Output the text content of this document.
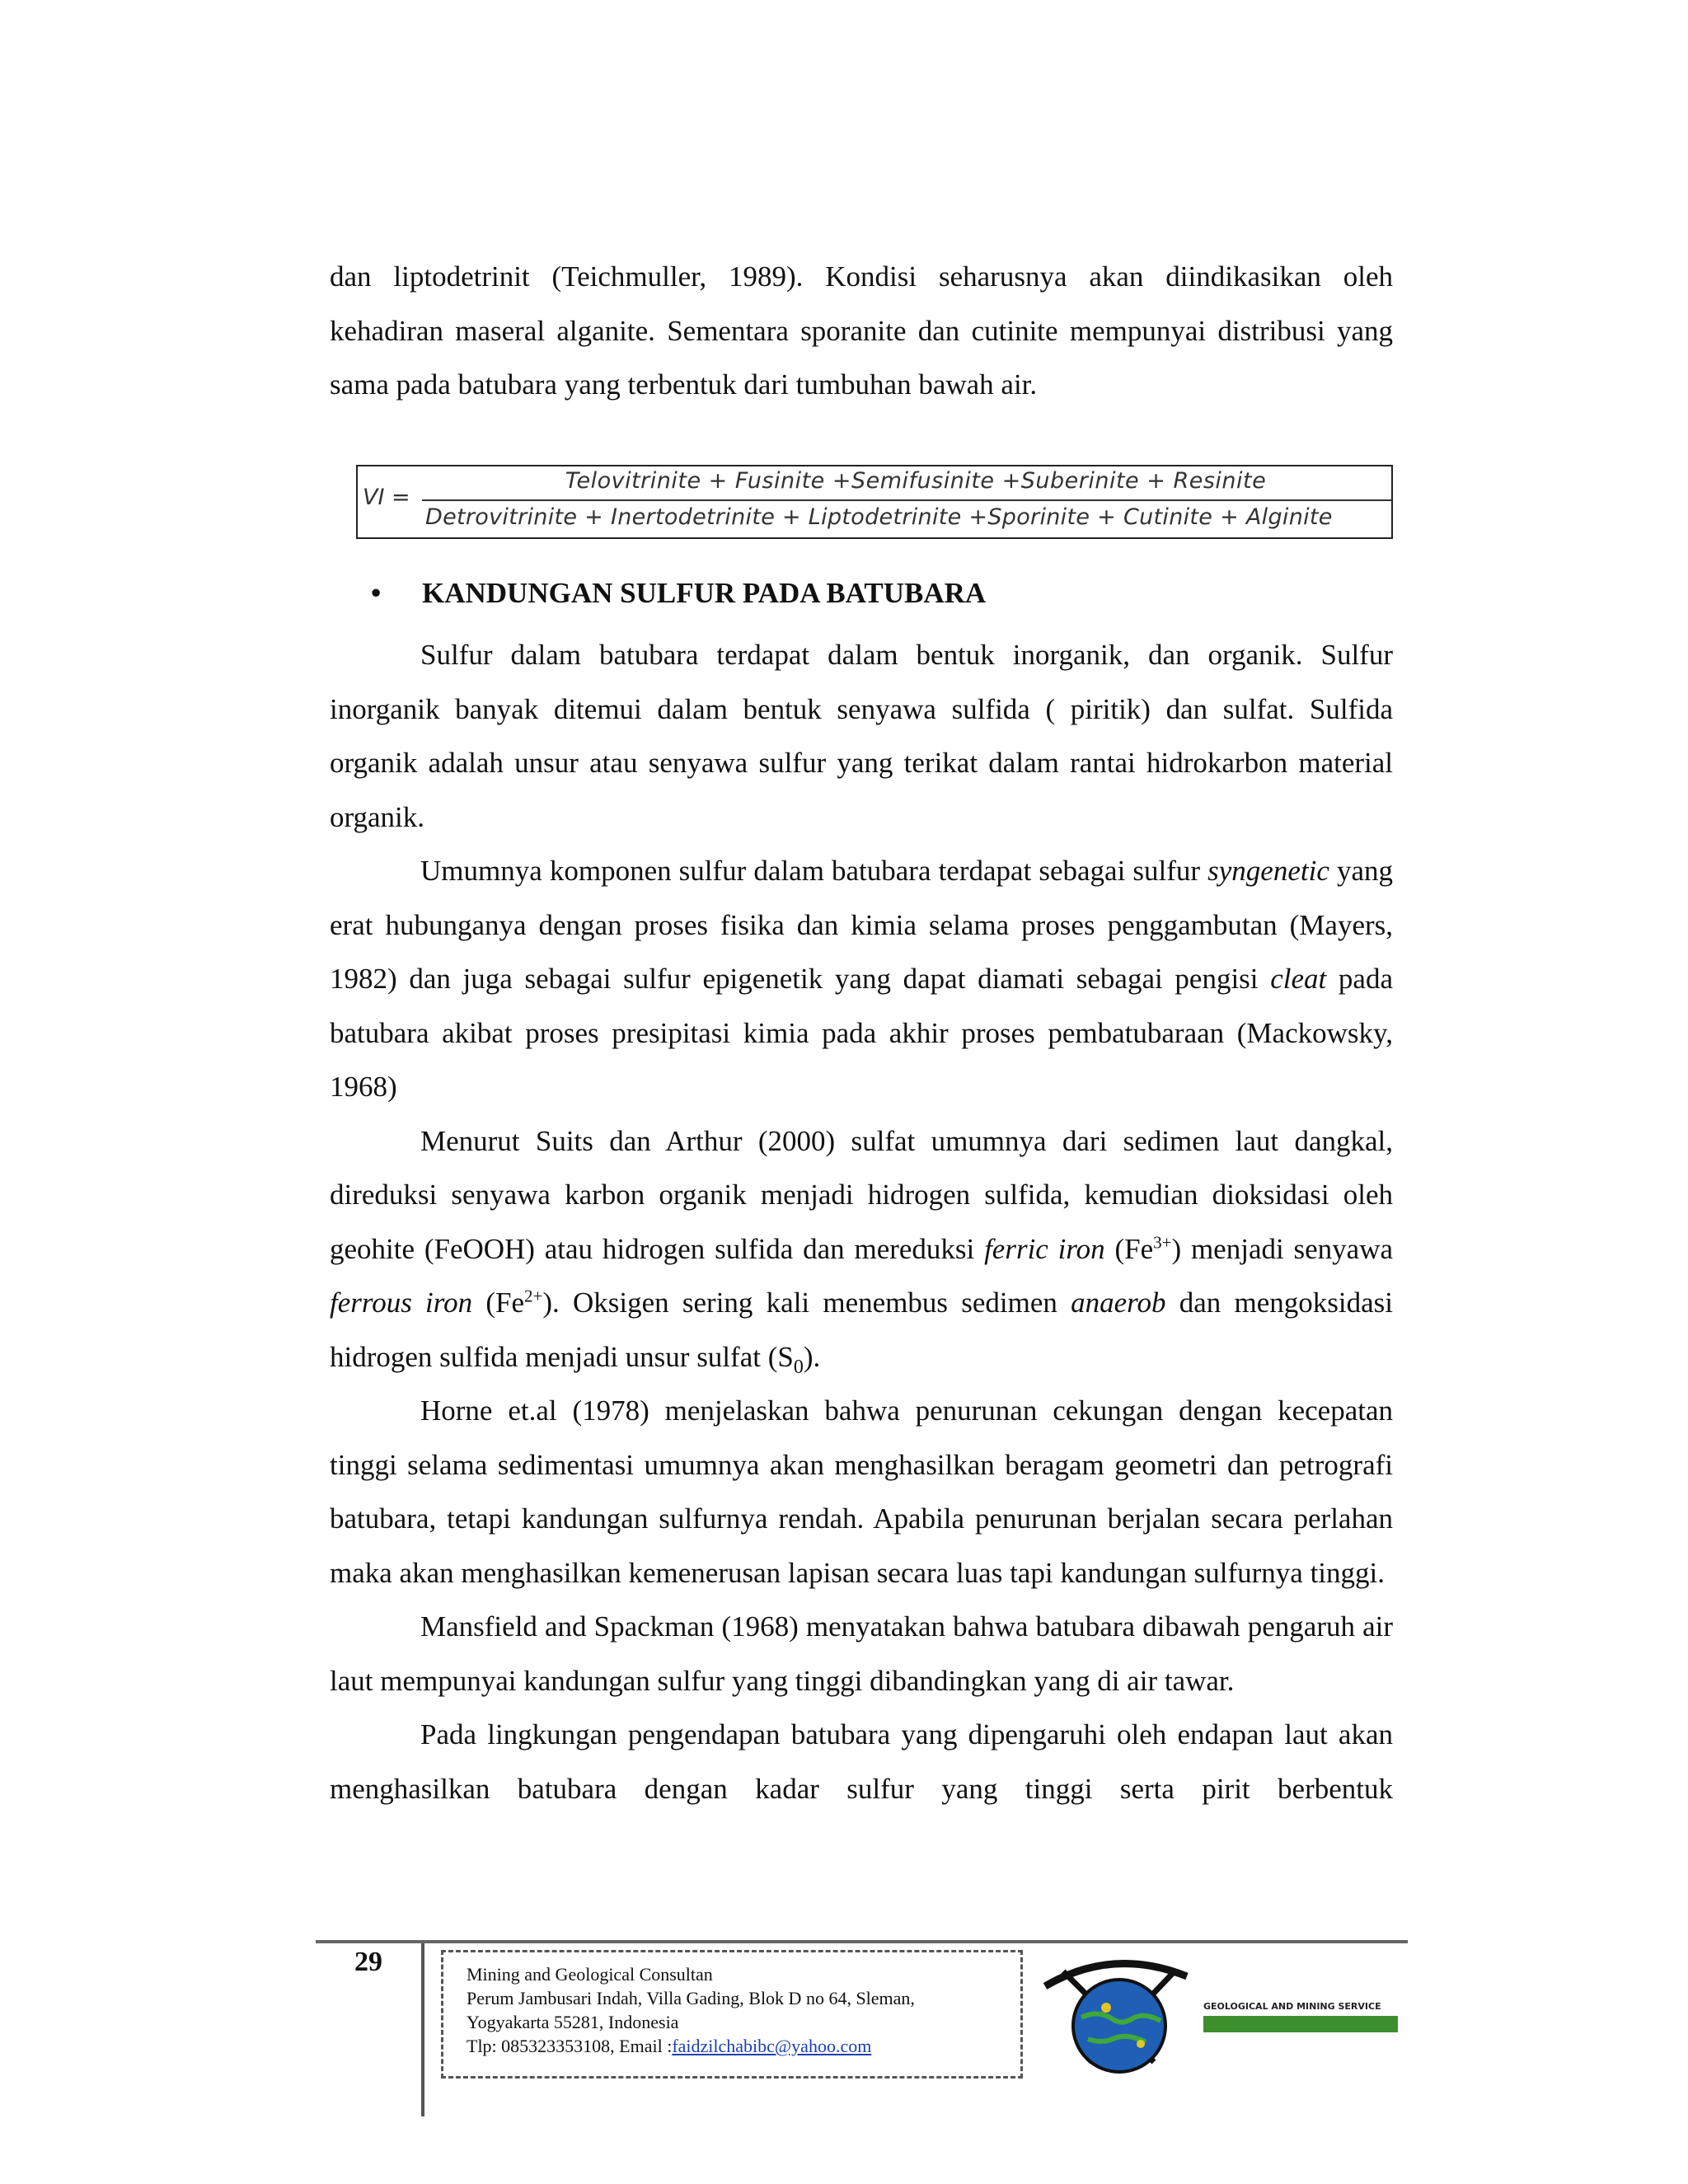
dan liptodetrinit (Teichmuller, 1989). Kondisi seharusnya akan diindikasikan oleh kehadiran maseral alganite. Sementara sporanite dan cutinite mempunyai distribusi yang sama pada batubara yang terbentuk dari tumbuhan bawah air.

VI =
Telovitrinite + Fusinite +Semifusinite +Suberinite + Resinite
Detrovitrinite + Inertodetrinite + Liptodetrinite +Sporinite + Cutinite + Alginite
• KANDUNGAN SULFUR PADA BATUBARA

Sulfur dalam batubara terdapat dalam bentuk inorganik, dan organik. Sulfur inorganik banyak ditemui dalam bentuk senyawa sulfida ( piritik) dan sulfat. Sulfida organik adalah unsur atau senyawa sulfur yang terikat dalam rantai hidrokarbon material organik.

Umumnya komponen sulfur dalam batubara terdapat sebagai sulfur syngenetic yang erat hubunganya dengan proses fisika dan kimia selama proses penggambutan (Mayers, 1982) dan juga sebagai sulfur epigenetik yang dapat diamati sebagai pengisi cleat pada batubara akibat proses presipitasi kimia pada akhir proses pembatubaraan (Mackowsky, 1968)

Menurut Suits dan Arthur (2000) sulfat umumnya dari sedimen laut dangkal, direduksi senyawa karbon organik menjadi hidrogen sulfida, kemudian dioksidasi oleh geohite (FeOOH) atau hidrogen sulfida dan mereduksi ferric iron $(Fe^{3+})$ menjadi senyawa ferrous iron $(Fe^{2+})$. Oksigen sering kali menembus sedimen anaerob dan mengoksidasi hidrogen sulfida menjadi unsur sulfat $(S_0)$.

Horne et.al (1978) menjelaskan bahwa penurunan cekungan dengan kecepatan tinggi selama sedimentasi umumnya akan menghasilkan beragam geometri dan petrografi batubara, tetapi kandungan sulfurnya rendah. Apabila penurunan berjalan secara perlahan maka akan menghasilkan kemenerusan lapisan secara luas tapi kandungan sulfurnya tinggi.

Mansfield and Spackman (1968) menyatakan bahwa batubara dibawah pengaruh air laut mempunyai kandungan sulfur yang tinggi dibandingkan yang di air tawar.

Pada lingkungan pengendapan batubara yang dipengaruhi oleh endapan laut akan menghasilkan batubara dengan kadar sulfur yang tinggi serta pirit berbentuk

29	Mining and Geological Consultan
Perum Jambusari Indah, Villa Gading, Blok D no 64, Sleman,
Yogyakarta 55281, Indonesia
Tlp: 085323353108, Email :faidzilchabibc@yahoo.com
GEOLOGICAL AND MINING SERVICE
